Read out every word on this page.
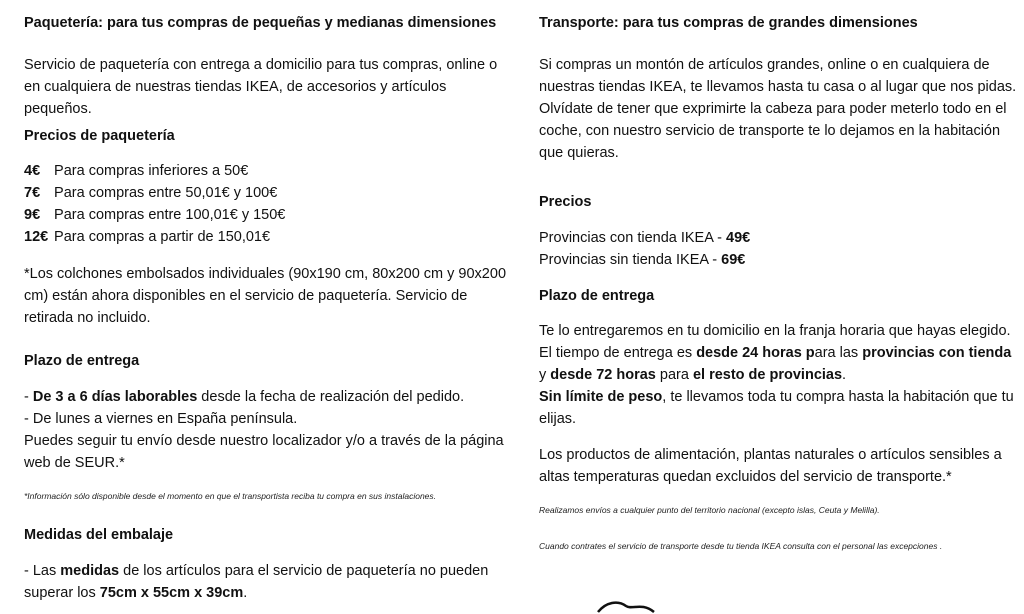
Paquetería: para tus compras de pequeñas y medianas dimensiones

Servicio de paquetería con entrega a domicilio para tus compras, online o en cualquiera de nuestras tiendas IKEA, de accesorios y artículos pequeños.

Precios de paquetería
4€ Para compras inferiores a 50€
7€ Para compras entre 50,01€ y 100€
9€ Para compras entre 100,01€ y 150€
12€ Para compras a partir de 150,01€

*Los colchones embolsados individuales (90x190 cm, 80x200 cm y 90x200 cm) están ahora disponibles en el servicio de paquetería. Servicio de retirada no incluido.

Plazo de entrega
- De 3 a 6 días laborables desde la fecha de realización del pedido.
- De lunes a viernes en España península.
Puedes seguir tu envío desde nuestro localizador y/o a través de la página web de SEUR.*

*Información sólo disponible desde el momento en que el transportista reciba tu compra en sus instalaciones.

Medidas del embalaje

- Las medidas de los artículos para el servicio de paquetería no pueden superar los 75cm x 55cm x 39cm.

Transporte: para tus compras de grandes dimensiones

Si compras un montón de artículos grandes, online o en cualquiera de nuestras tiendas IKEA, te llevamos hasta tu casa o al lugar que nos pidas. Olvídate de tener que exprimirte la cabeza para poder meterlo todo en el coche, con nuestro servicio de transporte te lo dejamos en la habitación que quieras.

Precios
Provincias con tienda IKEA - 49€
Provincias sin tienda IKEA - 69€
Plazo de entrega

Te lo entregaremos en tu domicilio en la franja horaria que hayas elegido. El tiempo de entrega es desde 24 horas para las provincias con tienda y desde 72 horas para el resto de provincias.
Sin límite de peso, te llevamos toda tu compra hasta la habitación que tu elijas.

Los productos de alimentación, plantas naturales o artículos sensibles a altas temperaturas quedan excluidos del servicio de transporte.*

Realizamos envíos a cualquier punto del territorio nacional (excepto islas, Ceuta y Melilla).

Cuando contrates el servicio de transporte desde tu tienda IKEA consulta con el personal las excepciones .
